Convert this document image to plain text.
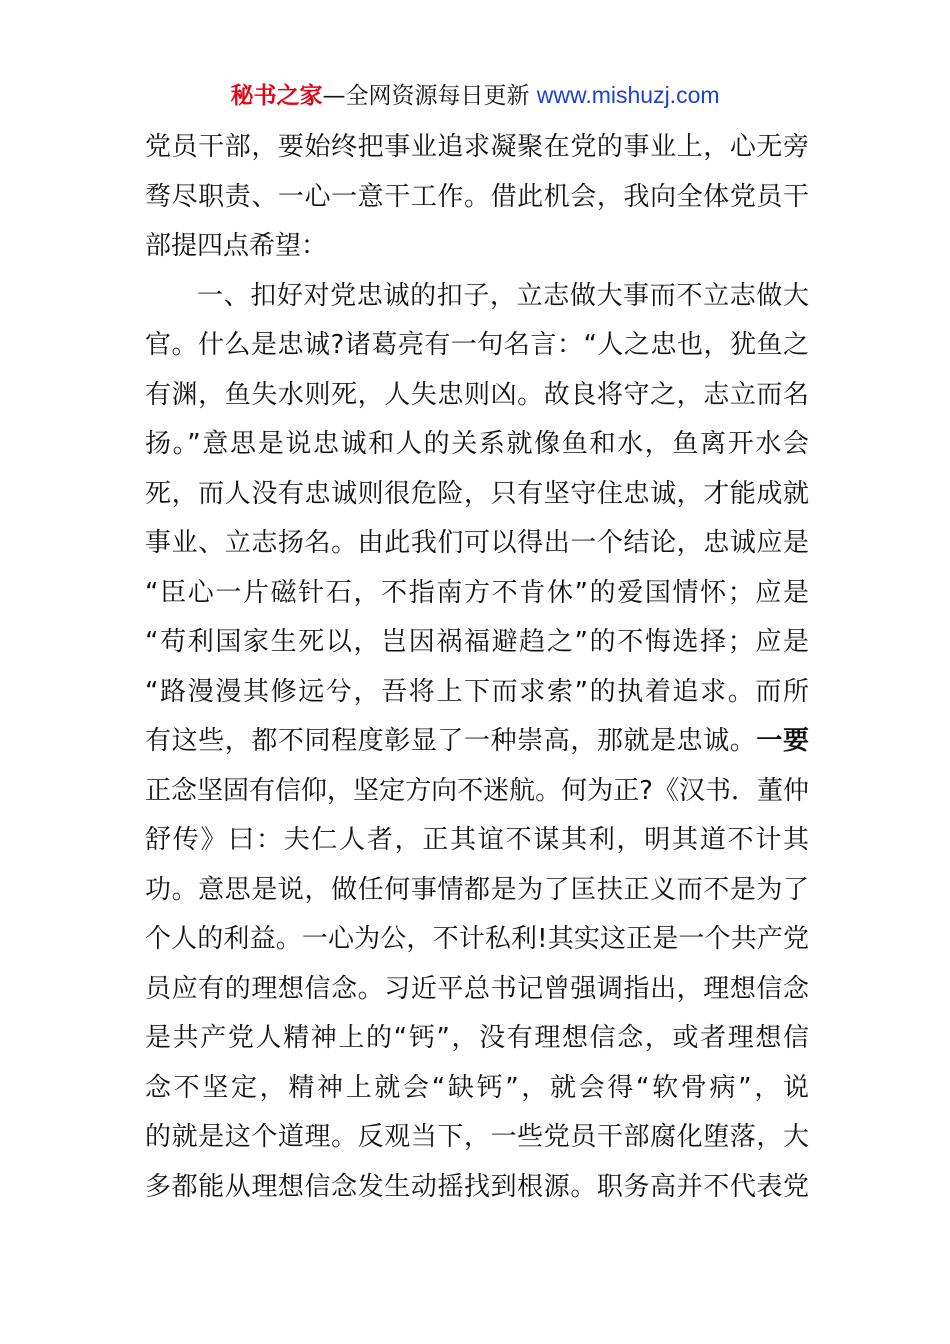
秘书之家—全网资源每日更新 www.mishuzj.com
党员干部，要始终把事业追求凝聚在党的事业上，心无旁
骛尽职责、一心一意干工作。借此机会，我向全体党员干
部提四点希望：
一、扣好对党忠诚的扣子，立志做大事而不立志做大
官。什么是忠诚?诸葛亮有一句名言：“人之忠也，犹鱼之
有渊，鱼失水则死，人失忠则凶。故良将守之，志立而名
扬。”意思是说忠诚和人的关系就像鱼和水，鱼离开水会
死，而人没有忠诚则很危险，只有坚守住忠诚，才能成就
事业、立志扬名。由此我们可以得出一个结论，忠诚应是
“臣心一片磁针石，不指南方不肯休”的爱国情怀；应是
“苟利国家生死以，岂因祸福避趋之”的不悔选择；应是
“路漫漫其修远兮，吾将上下而求索”的执着追求。而所
有这些，都不同程度彰显了一种崇高，那就是忠诚。一要
正念坚固有信仰，坚定方向不迷航。何为正?《汉书．董仲
舒传》曰：夫仁人者，正其谊不谋其利，明其道不计其
功。意思是说，做任何事情都是为了匡扶正义而不是为了
个人的利益。一心为公，不计私利!其实这正是一个共产党
员应有的理想信念。习近平总书记曾强调指出，理想信念
是共产党人精神上的“钙”，没有理想信念，或者理想信
念不坚定，精神上就会“缺钙”，就会得“软骨病”，说
的就是这个道理。反观当下，一些党员干部腐化堕落，大
多都能从理想信念发生动摇找到根源。职务高并不代表党
